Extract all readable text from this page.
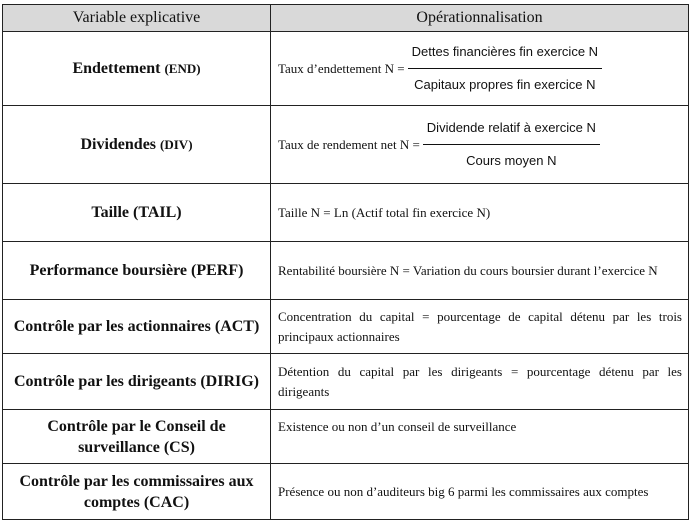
Variable explicative	Opérationnalisation
Endettement (END)	Taux d’endettement $N = \frac{\text{Dettes financières fin exercice N}}{\text{Capitaux propres fin exercice N}}$

Dividendes (DIV)	Taux de rendement net $N = \frac{\text{Dividende relatif à exercice N}}{\text{Cours moyen N}}$

Taille (TAIL)	Taille N = Ln (Actif total fin exercice N)
Performance boursière (PERF)	Rentabilité boursière N = Variation du cours boursier durant l’exercice N
Contrôle par les actionnaires (ACT)	Concentration du capital = pourcentage de capital détenu par les trois principaux actionnaires
Contrôle par les dirigeants (DIRIG)	Détention du capital par les dirigeants = pourcentage détenu par les dirigeants
Contrôle par le Conseil de surveillance (CS)	Existence ou non d’un conseil de surveillance
Contrôle par les commissaires aux comptes (CAC)	Présence ou non d’auditeurs big 6 parmi les commissaires aux comptes
